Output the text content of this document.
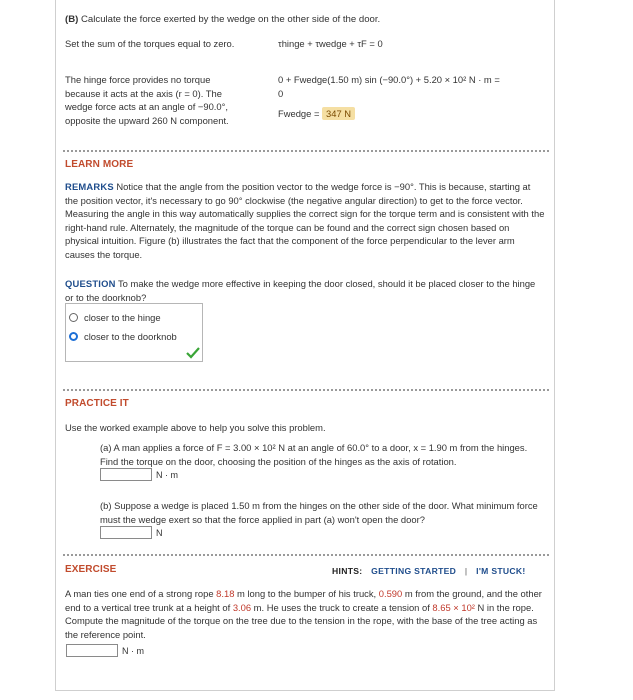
(B) Calculate the force exerted by the wedge on the other side of the door.
Set the sum of the torques equal to zero.	τhinge + τwedge + τF = 0
The hinge force provides no torque because it acts at the axis (r = 0). The wedge force acts at an angle of −90.0°, opposite the upward 260 N component.
0 + Fwedge(1.50 m) sin (−90.0°) + 5.20 × 10² N · m =
0
Fwedge = 347 N
LEARN MORE
REMARKS Notice that the angle from the position vector to the wedge force is −90°. This is because, starting at the position vector, it's necessary to go 90° clockwise (the negative angular direction) to get to the force vector. Measuring the angle in this way automatically supplies the correct sign for the torque term and is consistent with the right-hand rule. Alternately, the magnitude of the torque can be found and the correct sign chosen based on physical intuition. Figure (b) illustrates the fact that the component of the force perpendicular to the lever arm causes the torque.
QUESTION To make the wedge more effective in keeping the door closed, should it be placed closer to the hinge or to the doorknob?
closer to the hinge
closer to the doorknob
PRACTICE IT
Use the worked example above to help you solve this problem.
(a) A man applies a force of F = 3.00 × 10² N at an angle of 60.0° to a door, x = 1.90 m from the hinges. Find the torque on the door, choosing the position of the hinges as the axis of rotation.
N · m
(b) Suppose a wedge is placed 1.50 m from the hinges on the other side of the door. What minimum force must the wedge exert so that the force applied in part (a) won't open the door?
N
EXERCISE	HINTS: GETTING STARTED | I'M STUCK!
A man ties one end of a strong rope 8.18 m long to the bumper of his truck, 0.590 m from the ground, and the other end to a vertical tree trunk at a height of 3.06 m. He uses the truck to create a tension of 8.65 × 10² N in the rope. Compute the magnitude of the torque on the tree due to the tension in the rope, with the base of the tree acting as the reference point.
N · m
